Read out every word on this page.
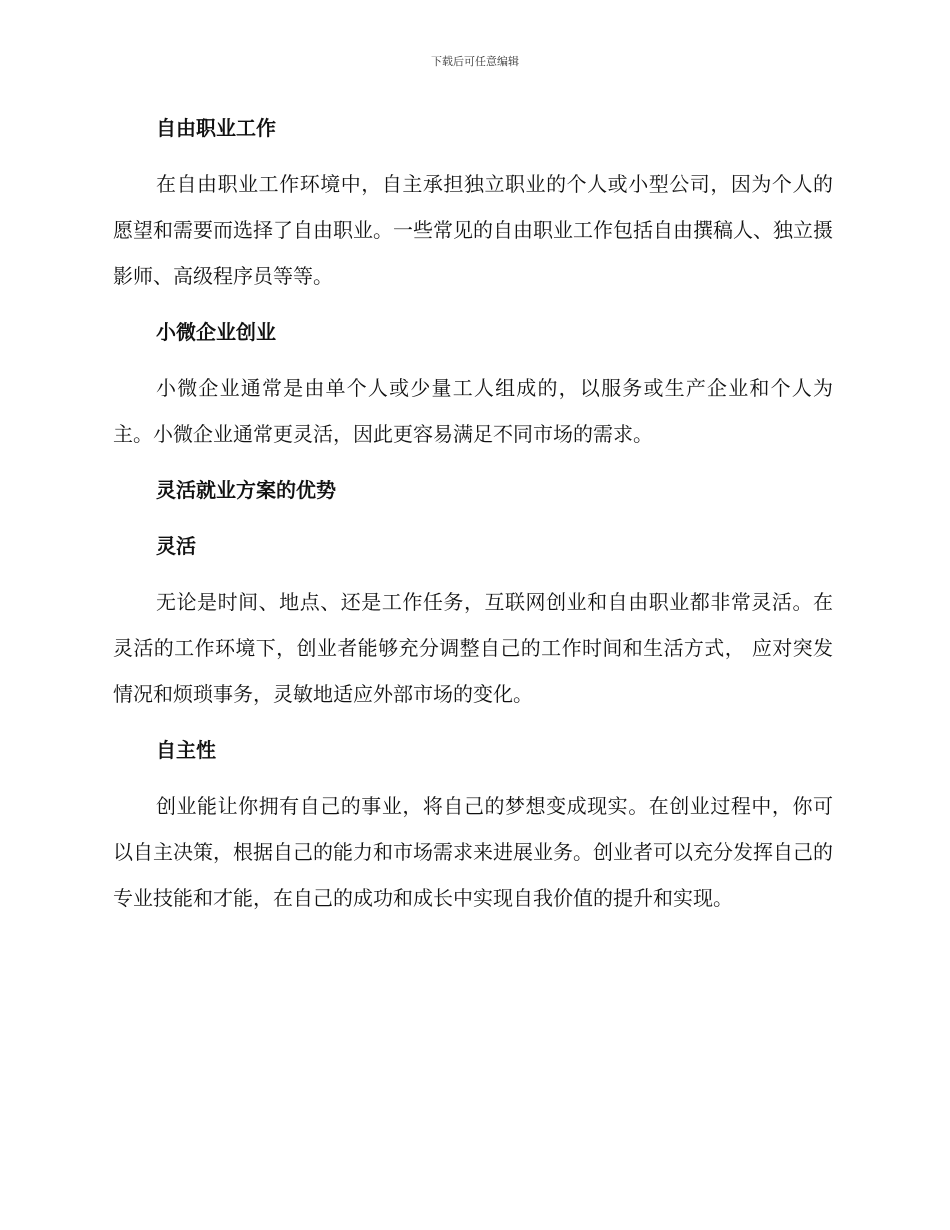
下载后可任意编辑
自由职业工作

在自由职业工作环境中，自主承担独立职业的个人或小型公司，因为个人的愿望和需要而选择了自由职业。一些常见的自由职业工作包括自由撰稿人、独立摄影师、高级程序员等等。

小微企业创业

小微企业通常是由单个人或少量工人组成的，以服务或生产企业和个人为主。小微企业通常更灵活，因此更容易满足不同市场的需求。

灵活就业方案的优势
灵活

无论是时间、地点、还是工作任务，互联网创业和自由职业都非常灵活。在灵活的工作环境下，创业者能够充分调整自己的工作时间和生活方式， 应对突发情况和烦琐事务，灵敏地适应外部市场的变化。

自主性

创业能让你拥有自己的事业，将自己的梦想变成现实。在创业过程中，你可以自主决策，根据自己的能力和市场需求来进展业务。创业者可以充分发挥自己的专业技能和才能，在自己的成功和成长中实现自我价值的提升和实现。
